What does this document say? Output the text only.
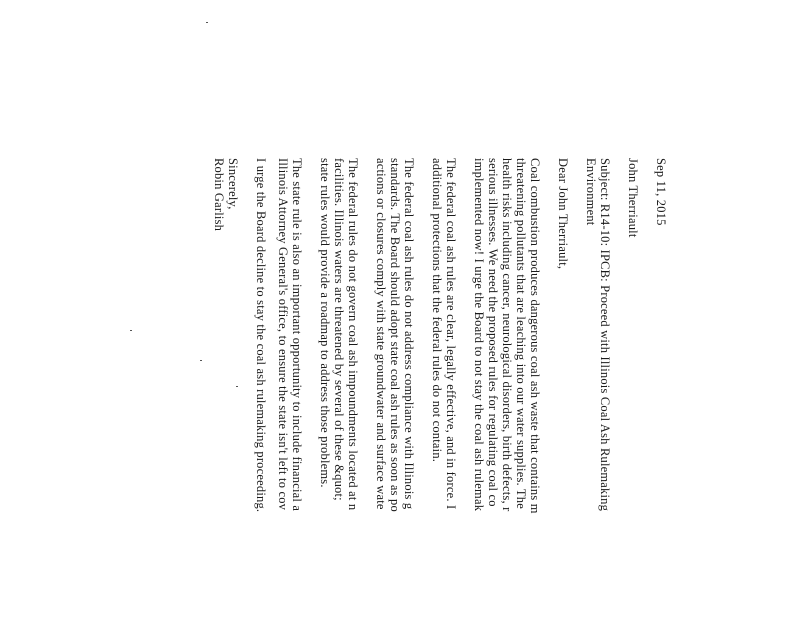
Sep 11, 2015
John Therriault
Subject: R14-10: IPCB: Proceed with Illinois Coal Ash Rulemaking
Environment
Dear John Therriault,
Coal combustion produces dangerous coal ash waste that contains m
threatening pollutants that are leaching into our water supplies. The
health risks including cancer, neurological disorders, birth defects, r
serious illnesses. We need the proposed rules for regulating coal co
implemented now! I urge the Board to not stay the coal ash rulemak
The federal coal ash rules are clear, legally effective, and in force. I
additional protections that the federal rules do not contain.
The federal coal ash rules do not address compliance with Illinois g
standards. The Board should adopt state coal ash rules as soon as po
actions or closures comply with state groundwater and surface wate
The federal rules do not govern coal ash impoundments located at n
facilities. Illinois waters are threatened by several of these &quot;
state rules would provide a roadmap to address those problems.
The state rule is also an important opportunity to include financial a
Illinois Attorney General's office, to ensure the state isn't left to cov
I urge the Board decline to stay the coal ash rulemaking proceeding.
Sincerely,
Robin Garlish
